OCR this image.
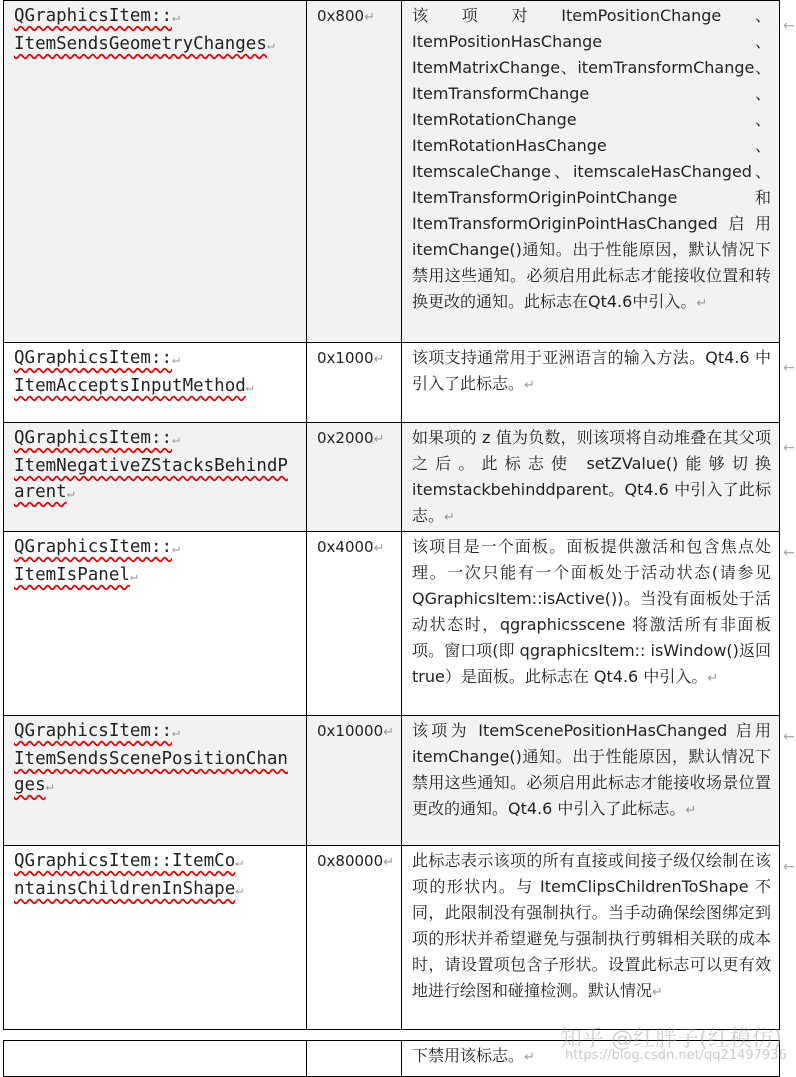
QGraphicsItem::↵
ItemSendsGeometryChanges↵	0x800↵	该项对ItemPositionChange、ItemPositionHasChange、ItemMatrixChange、itemTransformChange、ItemTransformChange、ItemRotationChange、ItemRotationHasChange、ItemscaleChange、itemscaleHasChanged、ItemTransformOriginPointChange和ItemTransformOriginPointHasChanged启用itemChange()通知。出于性能原因，默认情况下禁用这些通知。必须启用此标志才能接收位置和转换更改的通知。此标志在Qt4.6中引入。↵
QGraphicsItem::↵
ItemAcceptsInputMethod↵	0x1000↵	该项支持通常用于亚洲语言的输入方法。Qt4.6 中引入了此标志。↵
QGraphicsItem::↵
ItemNegativeZStacksBehindParent↵	0x2000↵	如果项的 z 值为负数，则该项将自动堆叠在其父项之后。此标志使 setZValue()能够切换 itemstackbehinddparent。Qt4.6 中引入了此标志。↵
QGraphicsItem::↵
ItemIsPanel↵	0x4000↵	该项目是一个面板。面板提供激活和包含焦点处理。一次只能有一个面板处于活动状态(请参见 QGraphicsItem::isActive())。当没有面板处于活动状态时，qgraphicsscene 将激活所有非面板项。窗口项(即 qgraphicsItem:: isWindow()返回 true）是面板。此标志在 Qt4.6 中引入。↵
QGraphicsItem::↵
ItemSendsScenePositionChanges↵	0x10000↵	该项为 ItemScenePositionHasChanged 启用 itemChange()通知。出于性能原因，默认情况下禁用这些通知。必须启用此标志才能接收场景位置更改的通知。Qt4.6 中引入了此标志。↵
QGraphicsItem::ItemCo↵
ntainsChildrenInShape↵	0x80000↵	此标志表示该项的所有直接或间接子级仅绘制在该项的形状内。与 ItemClipsChildrenToShape 不同，此限制没有强制执行。当手动确保绘图绑定到项的形状并希望避免与强制执行剪辑相关联的成本时，请设置项包含子形状。设置此标志可以更有效地进行绘图和碰撞检测。默认情况↵
		下禁用该标志。↵
知乎 @红胖子(红模仿)
https://blog.csdn.net/qq21497936
←
←
←
←
←
←
